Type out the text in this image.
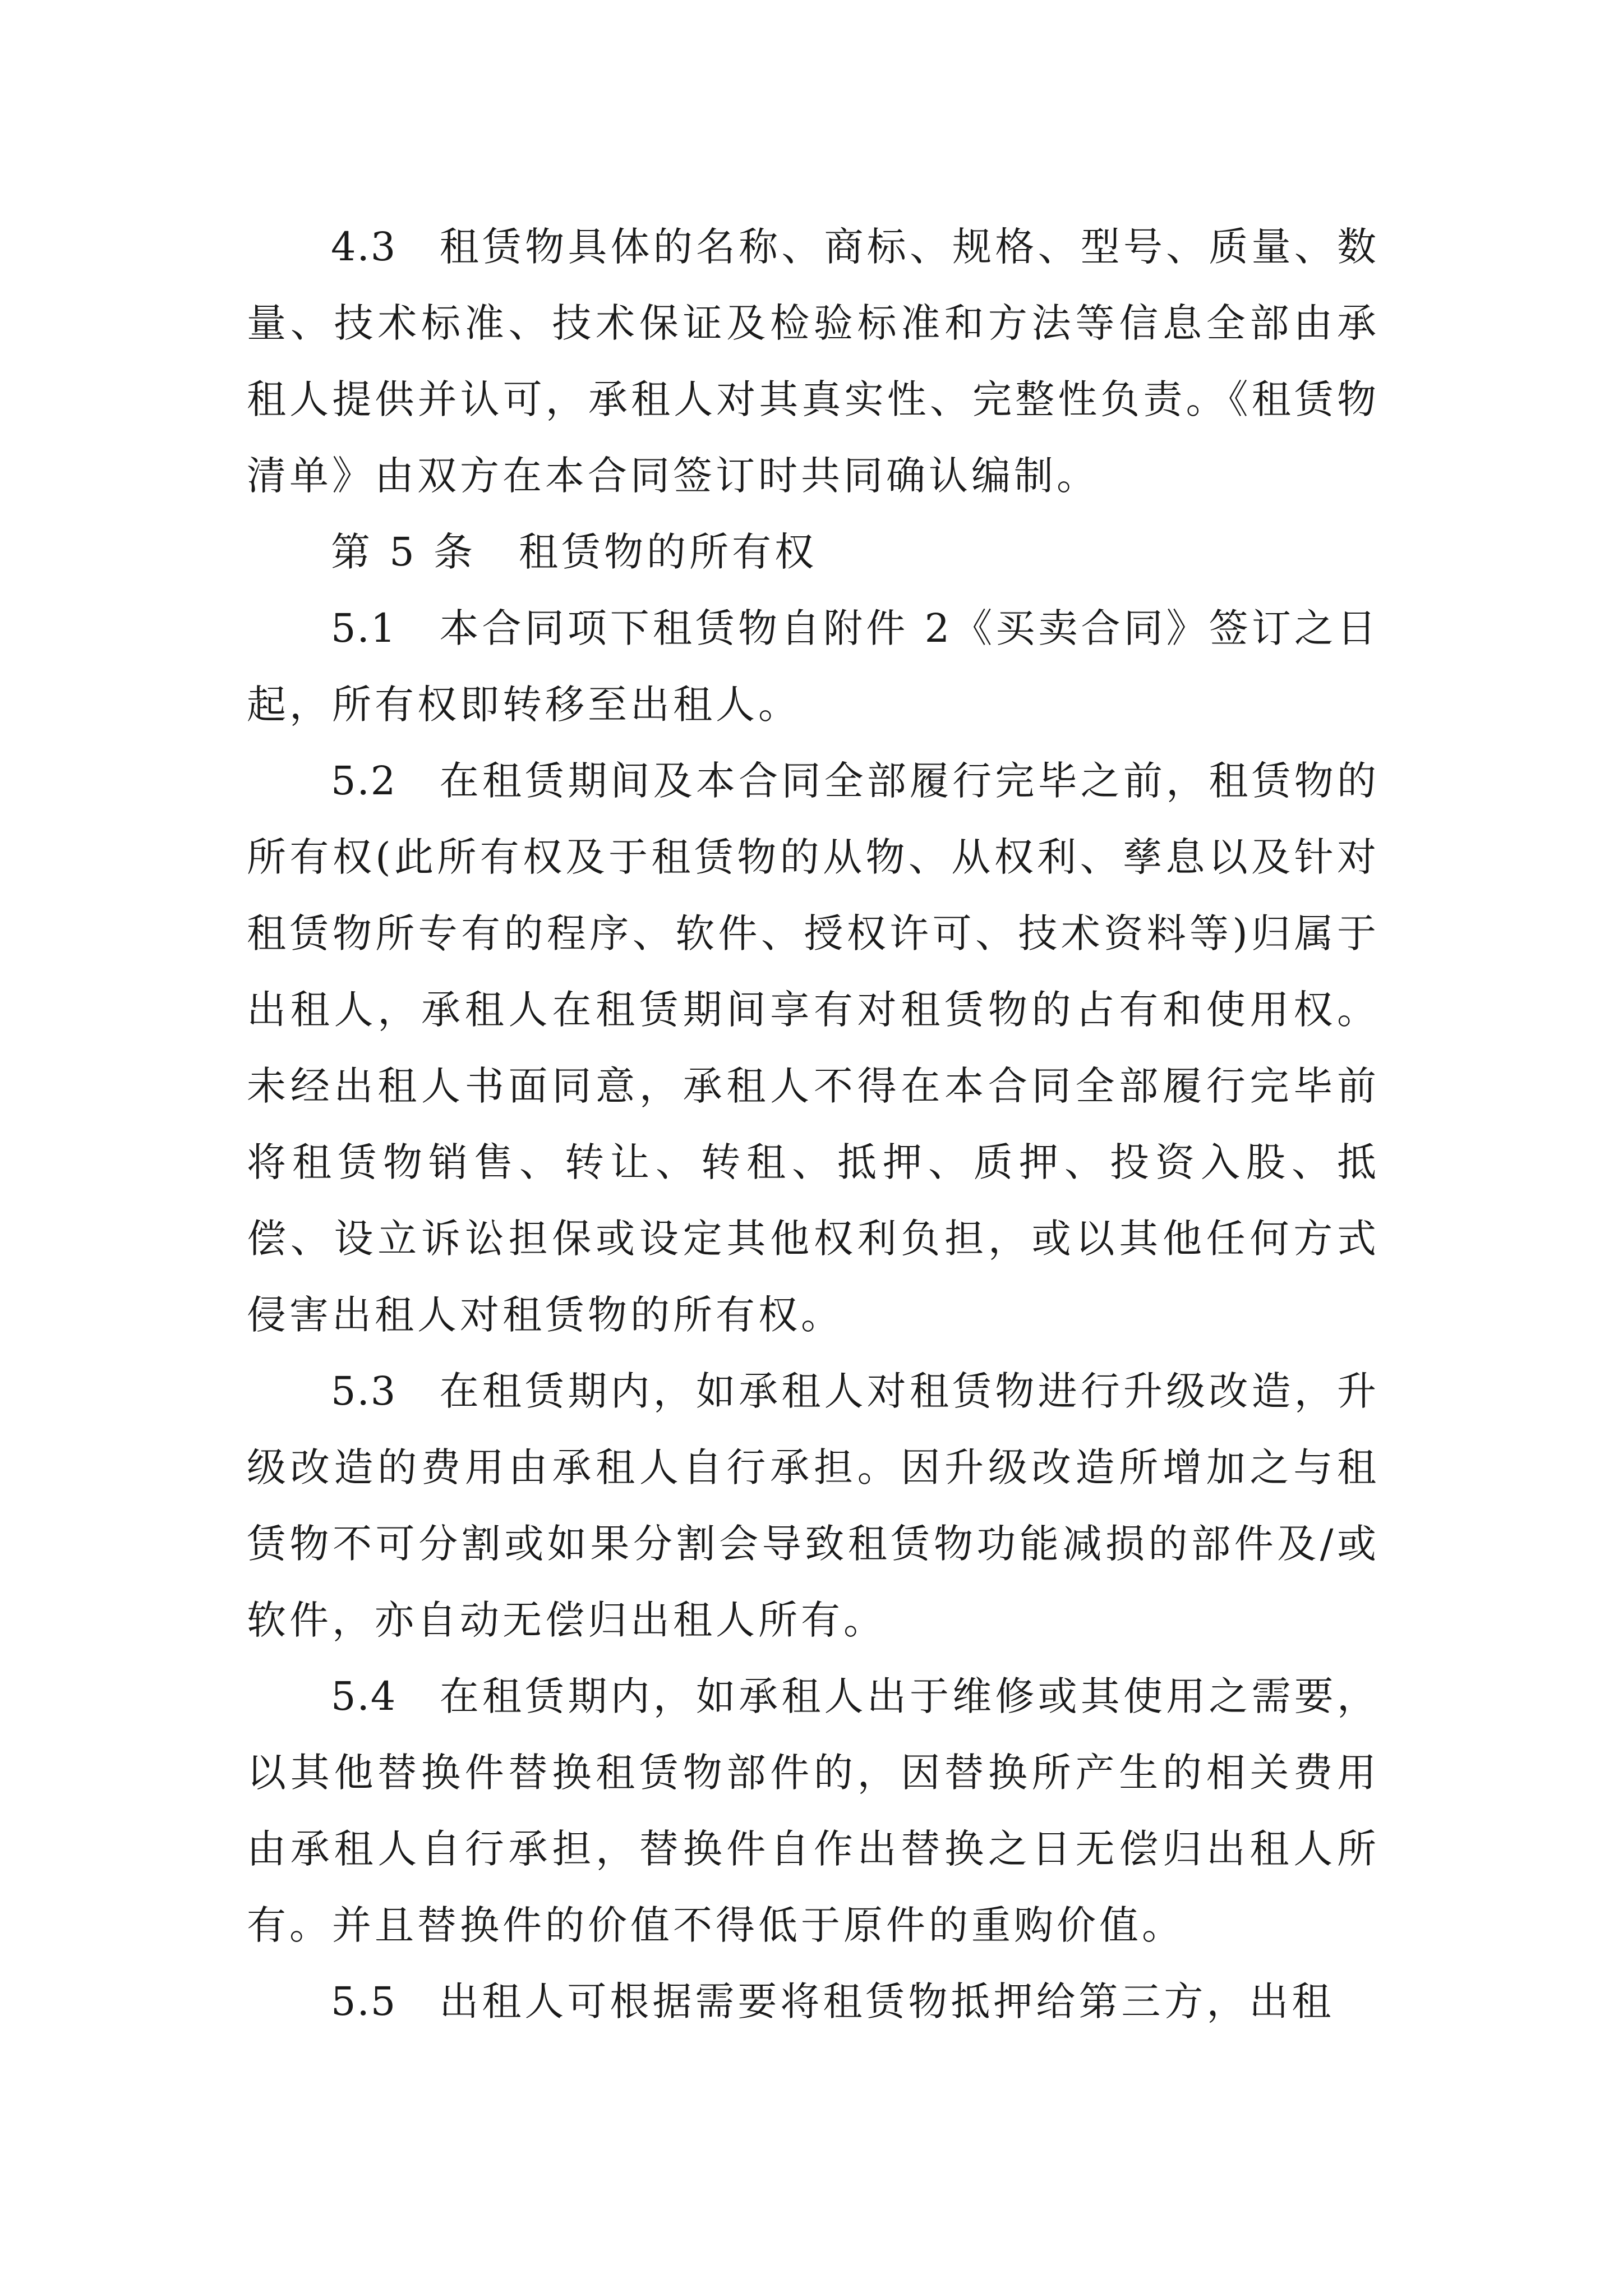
4.3　 租赁物具体的名称、商标、规格、型号、质量、数量、技术标准、技术保证及检验标准和方法等信息全部由承租人提供并认可，承租人对其真实性、完整性负责。《租赁物清单》由双方在本合同签订时共同确认编制。

第 5 条　 租赁物的所有权

5.1　 本合同项下租赁物自附件 2《买卖合同》签订之日起，所有权即转移至出租人。

5.2　 在租赁期间及本合同全部履行完毕之前，租赁物的所有权(此所有权及于租赁物的从物、从权利、孳息以及针对租赁物所专有的程序、软件、授权许可、技术资料等)归属于出租人，承租人在租赁期间享有对租赁物的占有和使用权。未经出租人书面同意，承租人不得在本合同全部履行完毕前将租赁物销售、转让、转租、抵押、质押、投资入股、抵偿、设立诉讼担保或设定其他权利负担，或以其他任何方式侵害出租人对租赁物的所有权。

5.3　 在租赁期内，如承租人对租赁物进行升级改造，升级改造的费用由承租人自行承担。因升级改造所增加之与租赁物不可分割或如果分割会导致租赁物功能减损的部件及/或软件，亦自动无偿归出租人所有。

5.4　 在租赁期内，如承租人出于维修或其使用之需要，以其他替换件替换租赁物部件的，因替换所产生的相关费用由承租人自行承担，替换件自作出替换之日无偿归出租人所有。并且替换件的价值不得低于原件的重购价值。

5.5　 出租人可根据需要将租赁物抵押给第三方，出租
